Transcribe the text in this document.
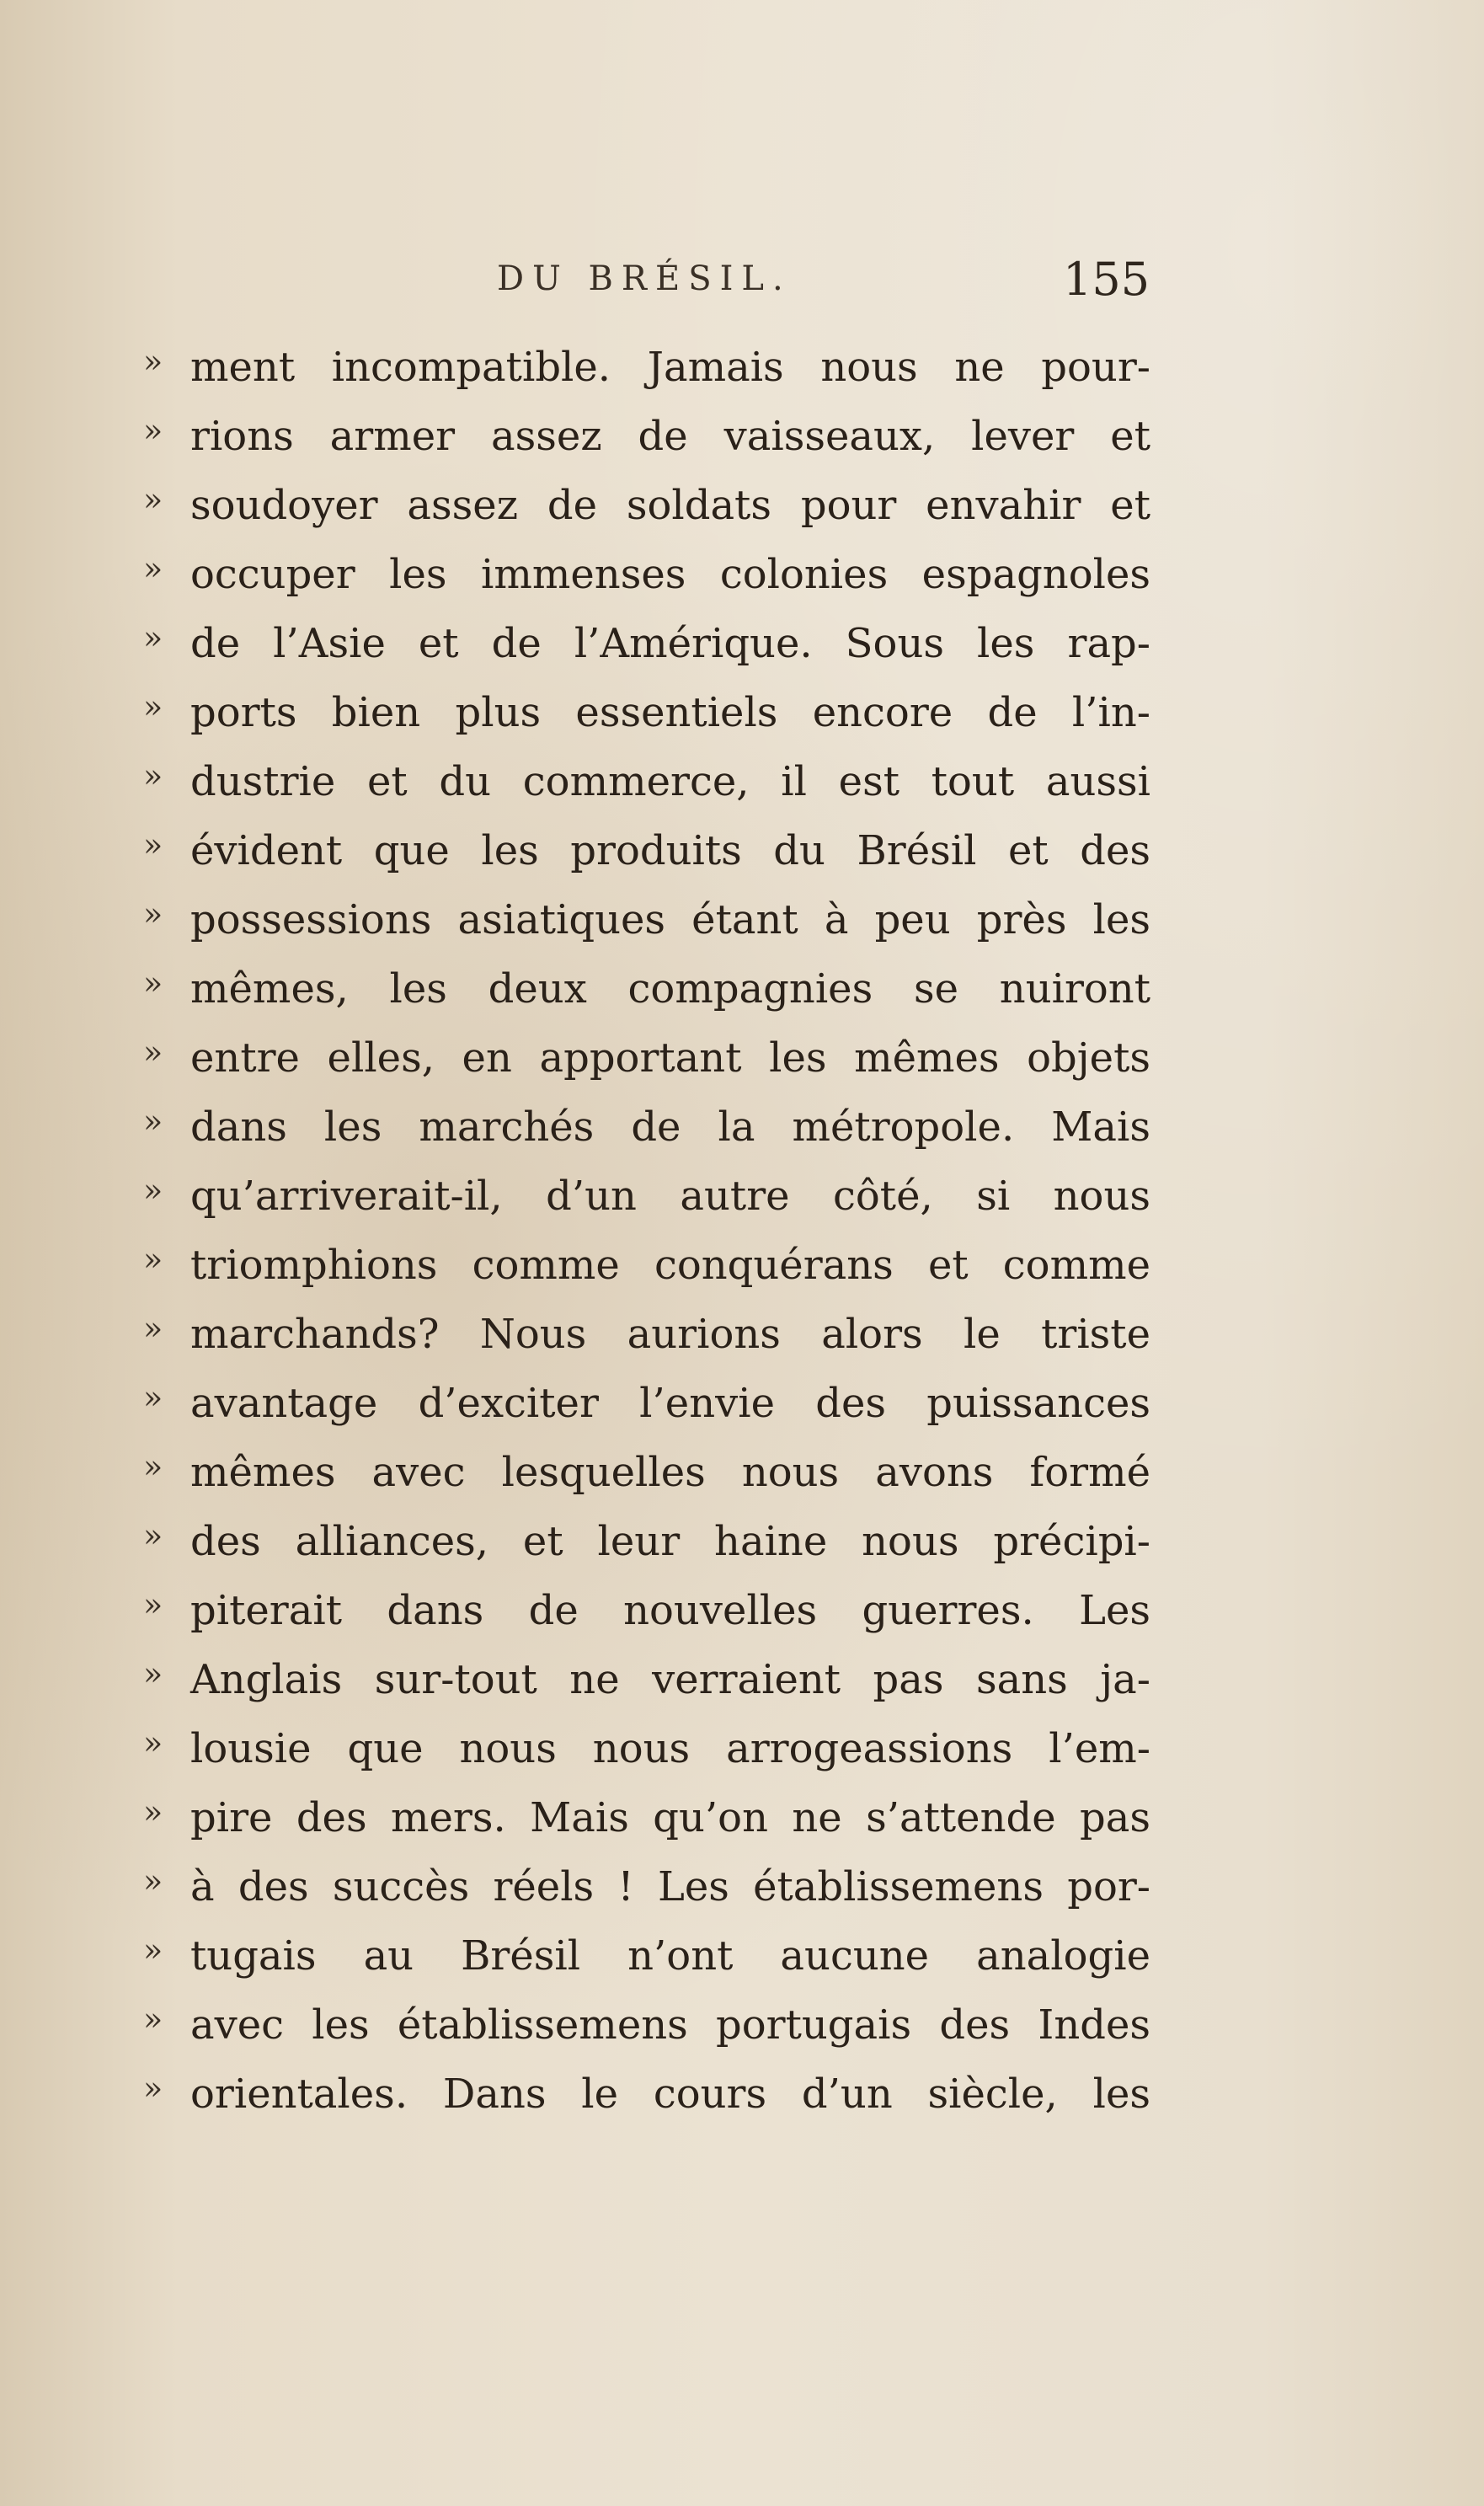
DU BRÉSIL.	155
» ment incompatible. Jamais nous ne pour-
» rions armer assez de vaisseaux, lever et
» soudoyer assez de soldats pour envahir et
» occuper les immenses colonies espagnoles
» de l’Asie et de l’Amérique. Sous les rap-
» ports bien plus essentiels encore de l’in-
» dustrie et du commerce, il est tout aussi
» évident que les produits du Brésil et des
» possessions asiatiques étant à peu près les
» mêmes, les deux compagnies se nuiront
» entre elles, en apportant les mêmes objets
» dans les marchés de la métropole. Mais
» qu’arriverait-il, d’un autre côté, si nous
» triomphions comme conquérans et comme
» marchands? Nous aurions alors le triste
» avantage d’exciter l’envie des puissances
» mêmes avec lesquelles nous avons formé
» des alliances, et leur haine nous précipi-
» piterait dans de nouvelles guerres. Les
» Anglais sur-tout ne verraient pas sans ja-
» lousie que nous nous arrogeassions l’em-
» pire des mers. Mais qu’on ne s’attende pas
» à des succès réels ! Les établissemens por-
» tugais au Brésil n’ont aucune analogie
» avec les établissemens portugais des Indes
» orientales. Dans le cours d’un siècle, les
